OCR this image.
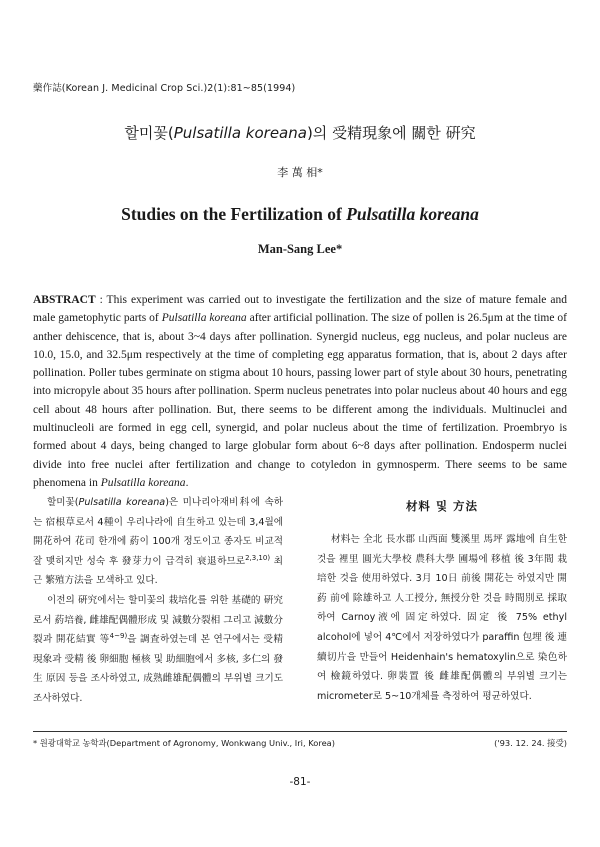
藥作誌(Korean J. Medicinal Crop Sci.)2(1):81~85(1994)
할미꽃(Pulsatilla koreana)의 受精現象에 關한 硏究
李 萬 相*
Studies on the Fertilization of Pulsatilla koreana
Man-Sang Lee*
ABSTRACT : This experiment was carried out to investigate the fertilization and the size of mature female and male gametophytic parts of Pulsatilla koreana after artificial pollination. The size of pollen is 26.5μm at the time of anther dehiscence, that is, about 3~4 days after pollination. Synergid nucleus, egg nucleus, and polar nucleus are 10.0, 15.0, and 32.5μm respectively at the time of completing egg apparatus formation, that is, about 2 days after pollination. Poller tubes germinate on stigma about 10 hours, passing lower part of style about 30 hours, penetrating into micropyle about 35 hours after pollination. Sperm nucleus penetrates into polar nucleus about 40 hours and egg cell about 48 hours after pollination. But, there seems to be different among the individuals. Multinuclei and multinucleoli are formed in egg cell, synergid, and polar nucleus about the time of fertilization. Proembryo is formed about 4 days, being changed to large globular form about 6~8 days after pollination. Endosperm nuclei divide into free nuclei after fertilization and change to cotyledon in gymnosperm. There seems to be same phenomena in Pulsatilla koreana.

할미꽃(Pulsatilla koreana)은 미나리아재비科에 속하는 宿根草로서 4種이 우리나라에 自生하고 있는데 3,4월에 開花하여 花司 한개에 葯이 100개 정도이고 종자도 비교적 잘 맺히지만 성숙 후 發芽力이 급격히 衰退하므로$^{2,3,10)}$ 최근 繁殖方法을 모색하고 있다.

이전의 硏究에서는 할미꽃의 栽培化를 위한 基礎的 硏究로서 葯培養, 雌雄配偶體形成 및 減數分裂相 그리고 減數分裂과 開花結實 等$^{4\sim 9)}$을 調査하였는데 본 연구에서는 受精現象과 受精 後 卵細胞 極核 및 助細胞에서 多核, 多仁의 發生 原因 등을 조사하였고, 成熟雌雄配偶體의 부위별 크기도 조사하였다.

材料 및 方法

材料는 全北 長水郡 山西面 雙溪里 馬坪 露地에 自生한 것을 裡里 圓光大學校 農科大學 圃場에 移植 後 3年間 栽培한 것을 使用하였다. 3月 10日 前後 開花는 하였지만 開葯 前에 除雄하고 人工授分, 無授分한 것을 時間別로 採取하여 Carnoy液에 固定하였다. 固定 後 75% ethyl alcohol에 넣어 4℃에서 저장하였다가 paraffin 包埋 後 連續切片을 만들어 Heidenhain's hematoxylin으로 染色하여 檢鏡하였다. 卵裝置 後 雌雄配偶體의 부위별 크기는 micrometer로 5~10개체를 측정하여 평균하였다.

* 원광대학교 농학과(Department of Agronomy, Wonkwang Univ., Iri, Korea)	('93. 12. 24. 接受)
-81-
